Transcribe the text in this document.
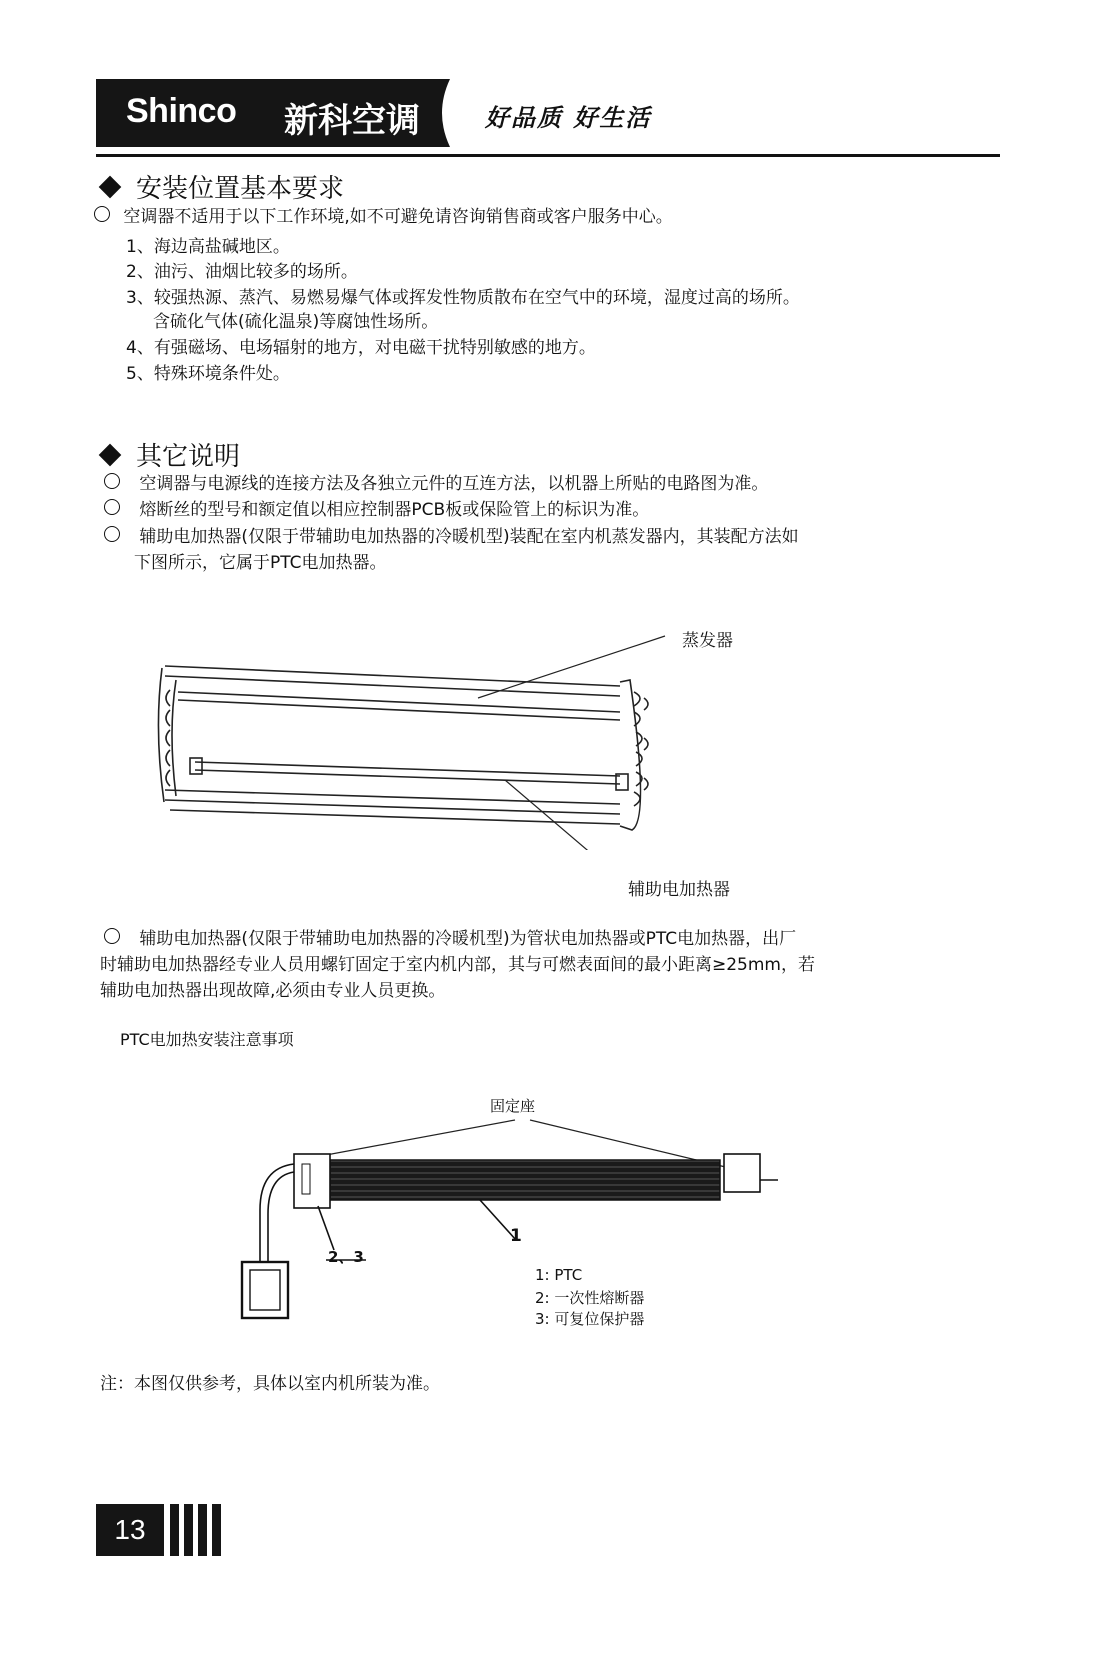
Shinco 新科空调	好品质 好生活
安装位置基本要求
空调器不适用于以下工作环境,如不可避免请咨询销售商或客户服务中心。
1、海边高盐碱地区。
2、油污、油烟比较多的场所。
3、较强热源、蒸汽、易燃易爆气体或挥发性物质散布在空气中的环境，湿度过高的场所。
含硫化气体(硫化温泉)等腐蚀性场所。
4、有强磁场、电场辐射的地方，对电磁干扰特别敏感的地方。
5、特殊环境条件处。
其它说明
空调器与电源线的连接方法及各独立元件的互连方法，以机器上所贴的电路图为准。
熔断丝的型号和额定值以相应控制器PCB板或保险管上的标识为准。
辅助电加热器(仅限于带辅助电加热器的冷暖机型)装配在室内机蒸发器内，其装配方法如
下图所示，它属于PTC电加热器。
蒸发器
辅助电加热器
辅助电加热器(仅限于带辅助电加热器的冷暖机型)为管状电加热器或PTC电加热器，出厂
时辅助电加热器经专业人员用螺钉固定于室内机内部，其与可燃表面间的最小距离≥25mm，若
辅助电加热器出现故障,必须由专业人员更换。
PTC电加热安装注意事项
固定座
1
2、3
1: PTC
2: 一次性熔断器
3: 可复位保护器
注：本图仅供参考，具体以室内机所装为准。
13
